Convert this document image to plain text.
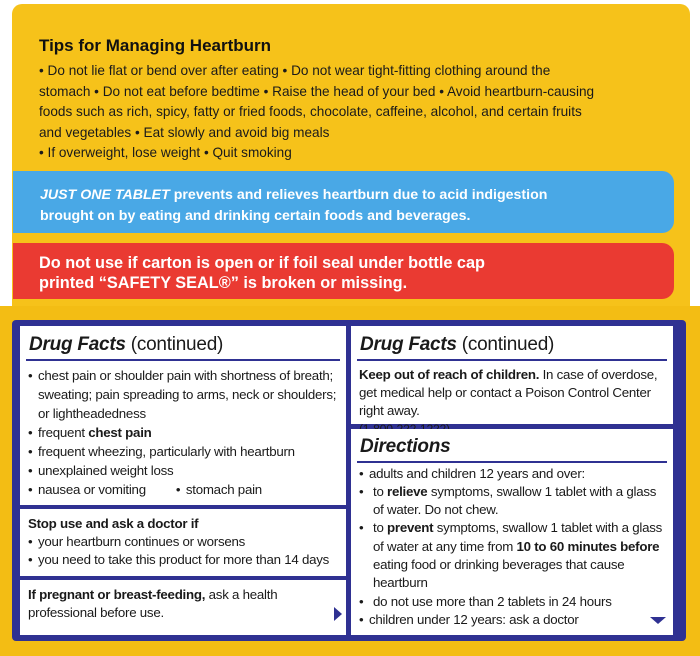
Tips for Managing Heartburn
• Do not lie flat or bend over after eating • Do not wear tight-fitting clothing around the
stomach • Do not eat before bedtime • Raise the head of your bed • Avoid heartburn-causing
foods such as rich, spicy, fatty or fried foods, chocolate, caffeine, alcohol, and certain fruits
and vegetables • Eat slowly and avoid big meals
• If overweight, lose weight • Quit smoking
JUST ONE TABLET prevents and relieves heartburn due to acid indigestion
brought on by eating and drinking certain foods and beverages.
Do not use if carton is open or if foil seal under bottle cap
printed “SAFETY SEAL®” is broken or missing.
Drug Facts (continued)
• chest pain or shoulder pain with shortness of breath; sweating; pain spreading to arms, neck or shoulders; or lightheadedness
• frequent chest pain
• frequent wheezing, particularly with heartburn
• unexplained weight loss
• nausea or vomiting
•	stomach pain
Stop use and ask a doctor if
• your heartburn continues or worsens
• you need to take this product for more than 14 days
If pregnant or breast-feeding, ask a health professional before use.
Drug Facts (continued)
Keep out of reach of children. In case of overdose, get medical help or contact a Poison Control Center right away.
Directions
• adults and children 12 years and over:
• to relieve symptoms, swallow 1 tablet with a glass of water. Do not chew.
• to prevent symptoms, swallow 1 tablet with a glass of water at any time from 10 to 60 minutes before eating food or drinking beverages that cause heartburn
• do not use more than 2 tablets in 24 hours
• children under 12 years: ask a doctor
